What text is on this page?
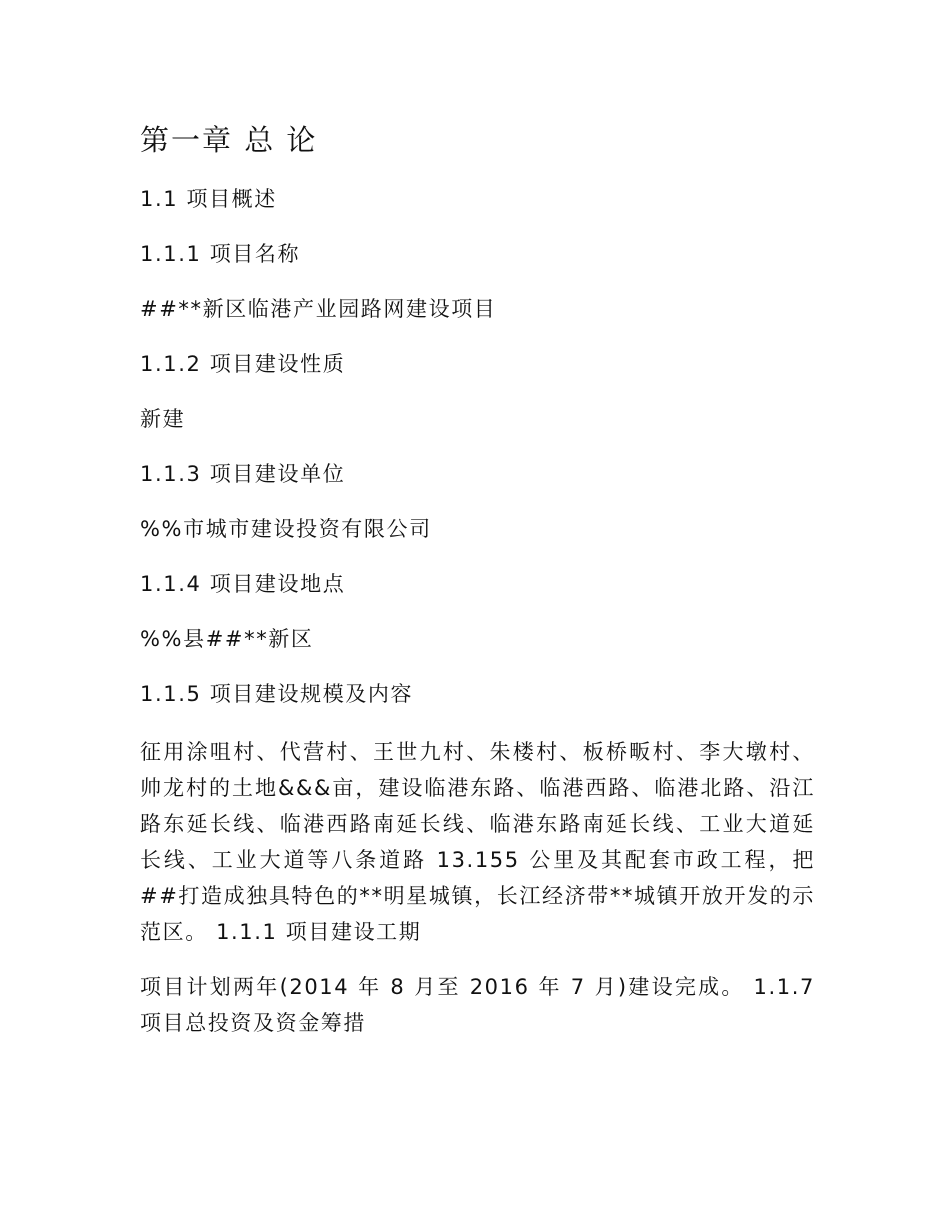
第一章 总 论
1.1 项目概述
1.1.1 项目名称
##**新区临港产业园路网建设项目
1.1.2 项目建设性质
新建
1.1.3 项目建设单位
%%市城市建设投资有限公司
1.1.4 项目建设地点
%%县##**新区
1.1.5 项目建设规模及内容
征用涂咀村、代营村、王世九村、朱楼村、板桥畈村、李大墩村、帅龙村的土地&&&亩，建设临港东路、临港西路、临港北路、沿江路东延长线、临港西路南延长线、临港东路南延长线、工业大道延长线、工业大道等八条道路 13.155 公里及其配套市政工程，把##打造成独具特色的**明星城镇，长江经济带**城镇开放开发的示范区。 1.1.1 项目建设工期
项目计划两年(2014 年 8 月至 2016 年 7 月)建设完成。 1.1.7 项目总投资及资金筹措
